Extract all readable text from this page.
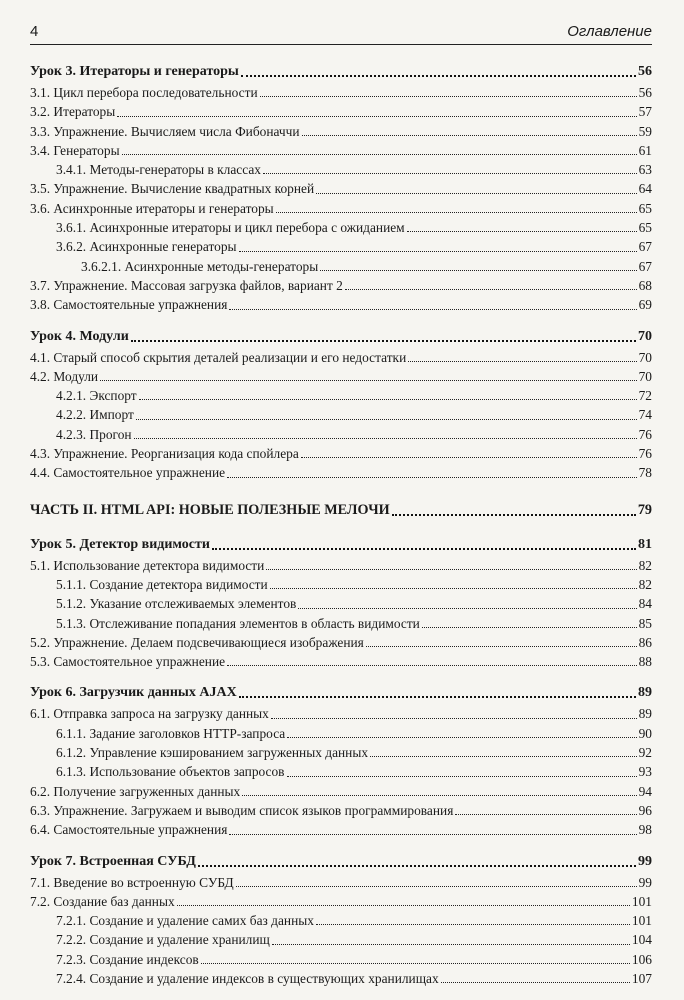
4	Оглавление
Урок 3. Итераторы и генераторы	56
3.1. Цикл перебора последовательности	56
3.2. Итераторы	57
3.3. Упражнение. Вычисляем числа Фибоначчи	59
3.4. Генераторы	61
3.4.1. Методы-генераторы в классах	63
3.5. Упражнение. Вычисление квадратных корней	64
3.6. Асинхронные итераторы и генераторы	65
3.6.1. Асинхронные итераторы и цикл перебора с ожиданием	65
3.6.2. Асинхронные генераторы	67
3.6.2.1. Асинхронные методы-генераторы	67
3.7. Упражнение. Массовая загрузка файлов, вариант 2	68
3.8. Самостоятельные упражнения	69
Урок 4. Модули	70
4.1. Старый способ скрытия деталей реализации и его недостатки	70
4.2. Модули	70
4.2.1. Экспорт	72
4.2.2. Импорт	74
4.2.3. Прогон	76
4.3. Упражнение. Реорганизация кода спойлера	76
4.4. Самостоятельное упражнение	78
ЧАСТЬ II. HTML API: НОВЫЕ ПОЛЕЗНЫЕ МЕЛОЧИ	79
Урок 5. Детектор видимости	81
5.1. Использование детектора видимости	82
5.1.1. Создание детектора видимости	82
5.1.2. Указание отслеживаемых элементов	84
5.1.3. Отслеживание попадания элементов в область видимости	85
5.2. Упражнение. Делаем подсвечивающиеся изображения	86
5.3. Самостоятельное упражнение	88
Урок 6. Загрузчик данных AJAX	89
6.1. Отправка запроса на загрузку данных	89
6.1.1. Задание заголовков HTTP-запроса	90
6.1.2. Управление кэшированием загруженных данных	92
6.1.3. Использование объектов запросов	93
6.2. Получение загруженных данных	94
6.3. Упражнение. Загружаем и выводим список языков программирования	96
6.4. Самостоятельные упражнения	98
Урок 7. Встроенная СУБД	99
7.1. Введение во встроенную СУБД	99
7.2. Создание баз данных	101
7.2.1. Создание и удаление самих баз данных	101
7.2.2. Создание и удаление хранилищ	104
7.2.3. Создание индексов	106
7.2.4. Создание и удаление индексов в существующих хранилищах	107
